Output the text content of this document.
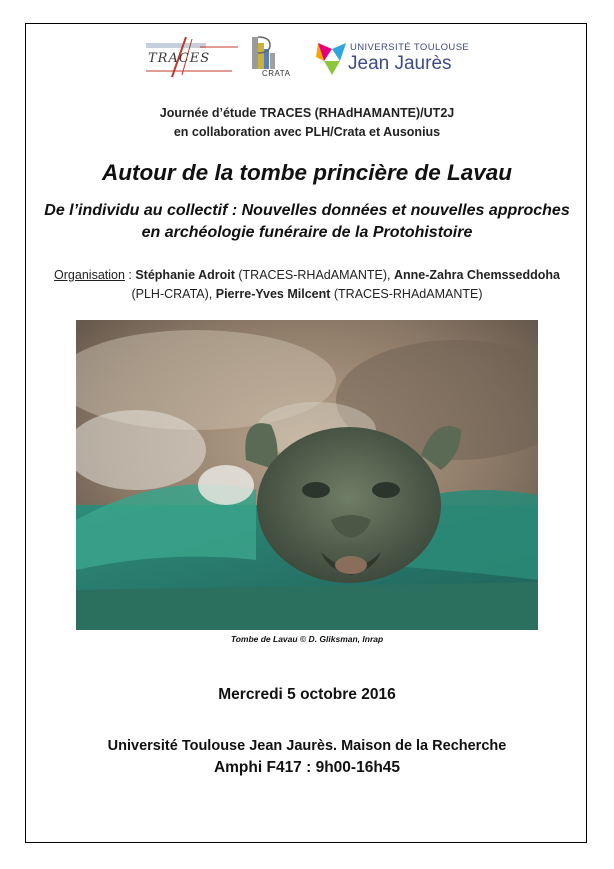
TRACES
CRATA
UNIVERSITÉ TOULOUSE
Jean Jaurès
Journée d’étude TRACES (RHAdHAMANTE)/UT2J
en collaboration avec PLH/Crata et Ausonius
Autour de la tombe princière de Lavau
De l’individu au collectif : Nouvelles données et nouvelles approches
en archéologie funéraire de la Protohistoire
Organisation : Stéphanie Adroit (TRACES-RHAdAMANTE), Anne-Zahra Chemsseddoha
(PLH-CRATA), Pierre-Yves Milcent (TRACES-RHAdAMANTE)
Tombe de Lavau © D. Gliksman, Inrap
Mercredi 5 octobre 2016
Université Toulouse Jean Jaurès. Maison de la Recherche
Amphi F417 : 9h00-16h45
